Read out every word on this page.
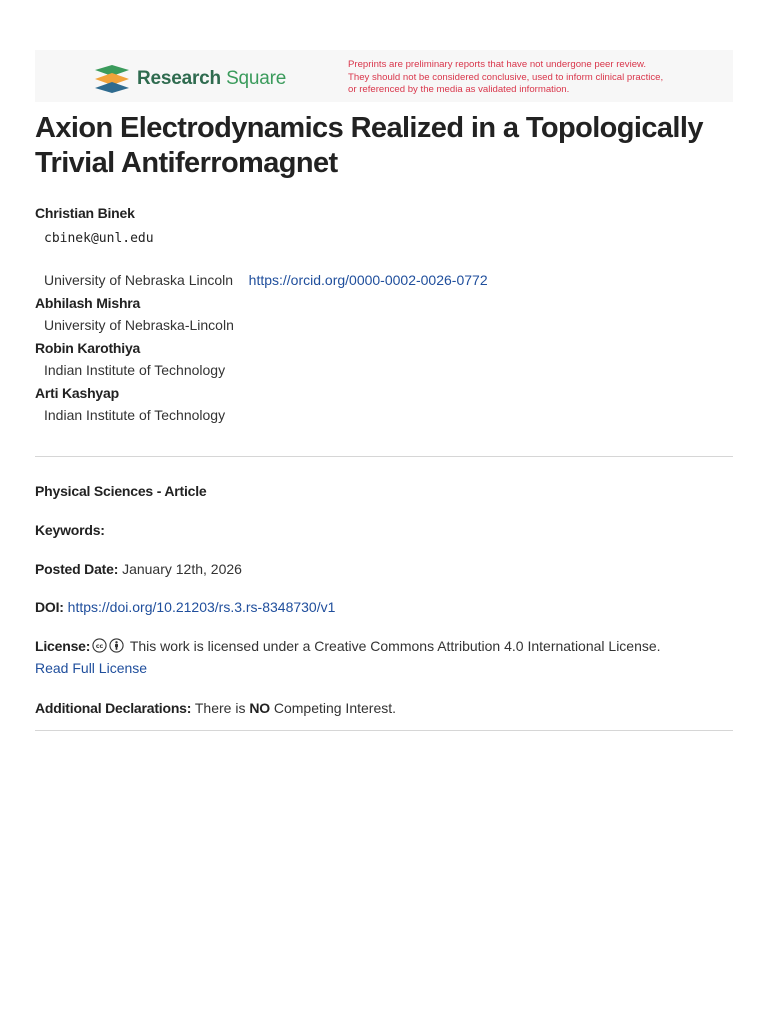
Research Square
Preprints are preliminary reports that have not undergone peer review.
They should not be considered conclusive, used to inform clinical practice,
or referenced by the media as validated information.
Axion Electrodynamics Realized in a Topologically Trivial Antiferromagnet
Christian Binek
cbinek@unl.edu
University of Nebraska Lincoln https://orcid.org/0000-0002-0026-0772
Abhilash Mishra
University of Nebraska-Lincoln
Robin Karothiya
Indian Institute of Technology
Arti Kashyap
Indian Institute of Technology
Physical Sciences - Article
Keywords:
Posted Date: January 12th, 2026
DOI: https://doi.org/10.21203/rs.3.rs-8348730/v1
License: cc This work is licensed under a Creative Commons Attribution 4.0 International License.
Read Full License
Additional Declarations: There is NO Competing Interest.
